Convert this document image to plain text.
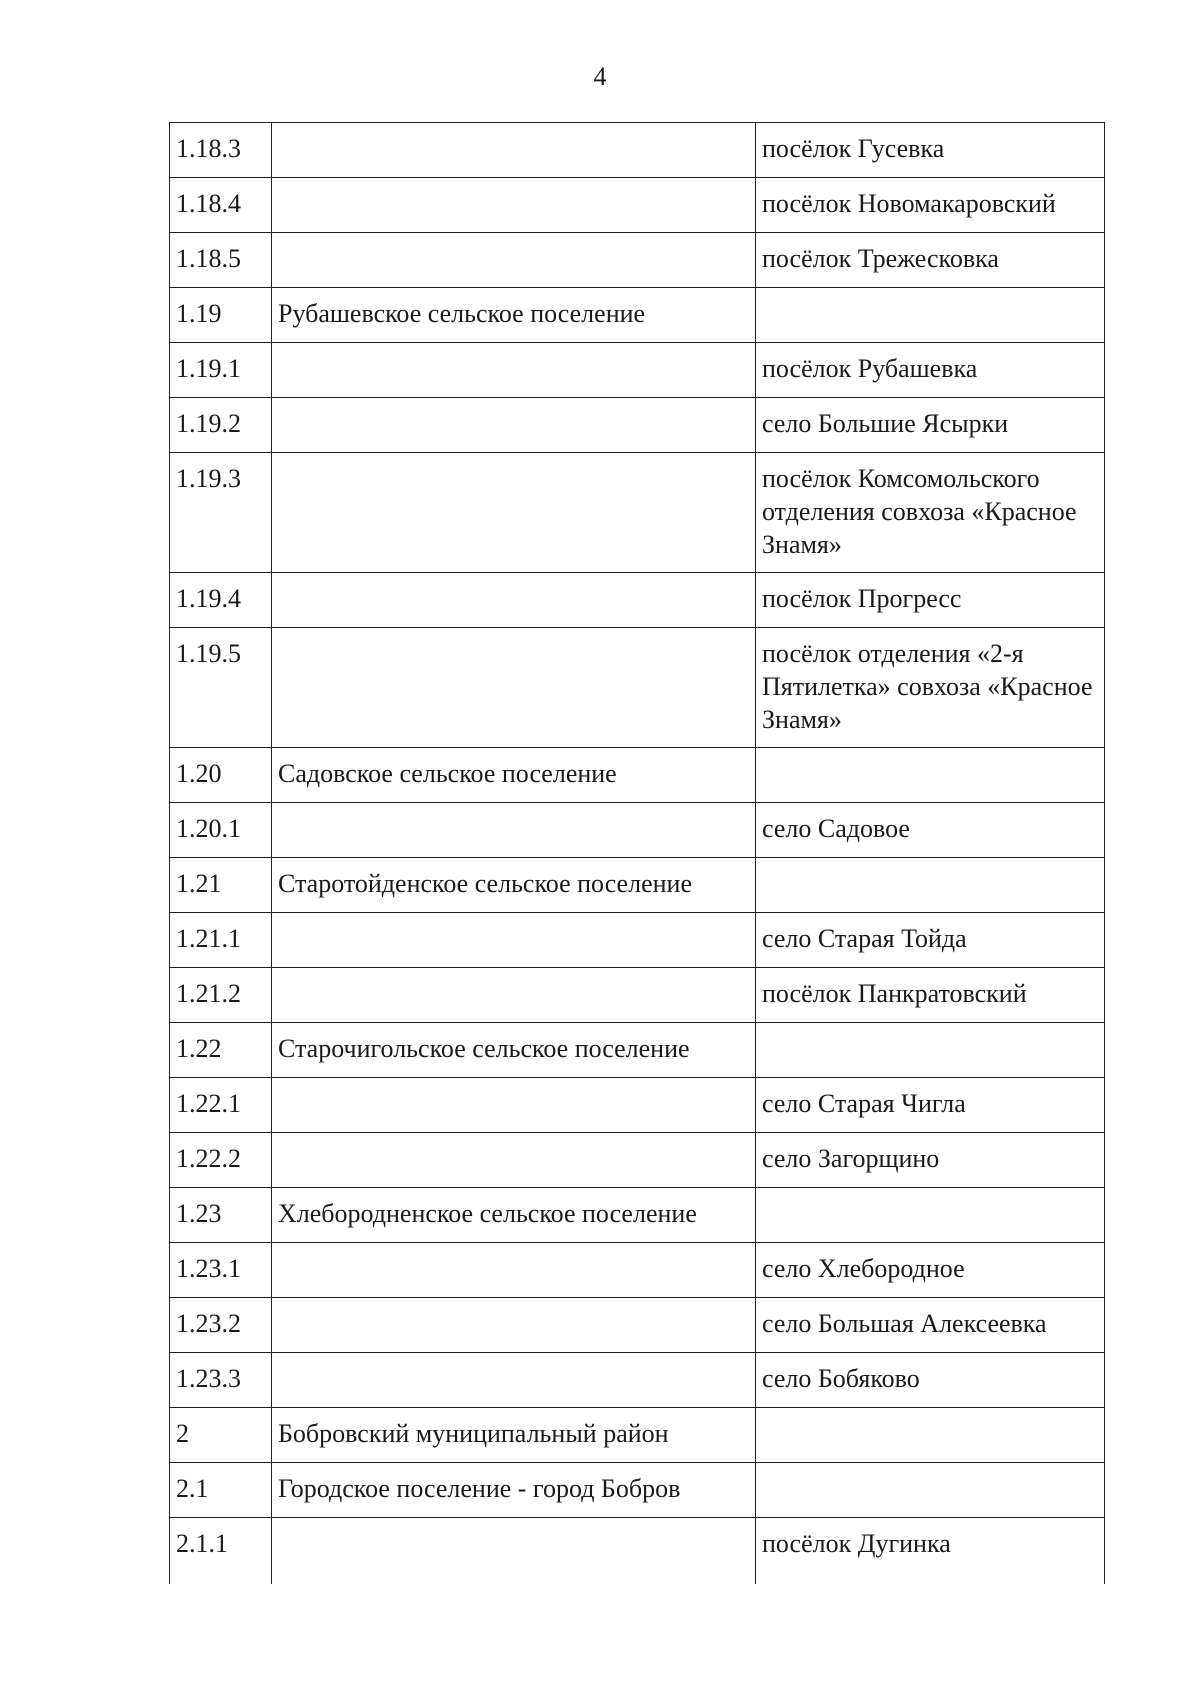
4
1.18.3		посёлок Гусевка
1.18.4		посёлок Новомакаровский
1.18.5		посёлок Трежесковка
1.19	Рубашевское сельское поселение	
1.19.1		посёлок Рубашевка
1.19.2		село Большие Ясырки
1.19.3		посёлок Комсомольского отделения совхоза «Красное Знамя»
1.19.4		посёлок Прогресс
1.19.5		посёлок отделения «2-я Пятилетка» совхоза «Красное Знамя»
1.20	Садовское сельское поселение	
1.20.1		село Садовое
1.21	Старотойденское сельское поселение	
1.21.1		село Старая Тойда
1.21.2		посёлок Панкратовский
1.22	Старочигольское сельское поселение	
1.22.1		село Старая Чигла
1.22.2		село Загорщино
1.23	Хлебородненское сельское поселение	
1.23.1		село Хлебородное
1.23.2		село Большая Алексеевка
1.23.3		село Бобяково
2	Бобровский муниципальный район	
2.1	Городское поселение - город Бобров	
2.1.1		посёлок Дугинка
